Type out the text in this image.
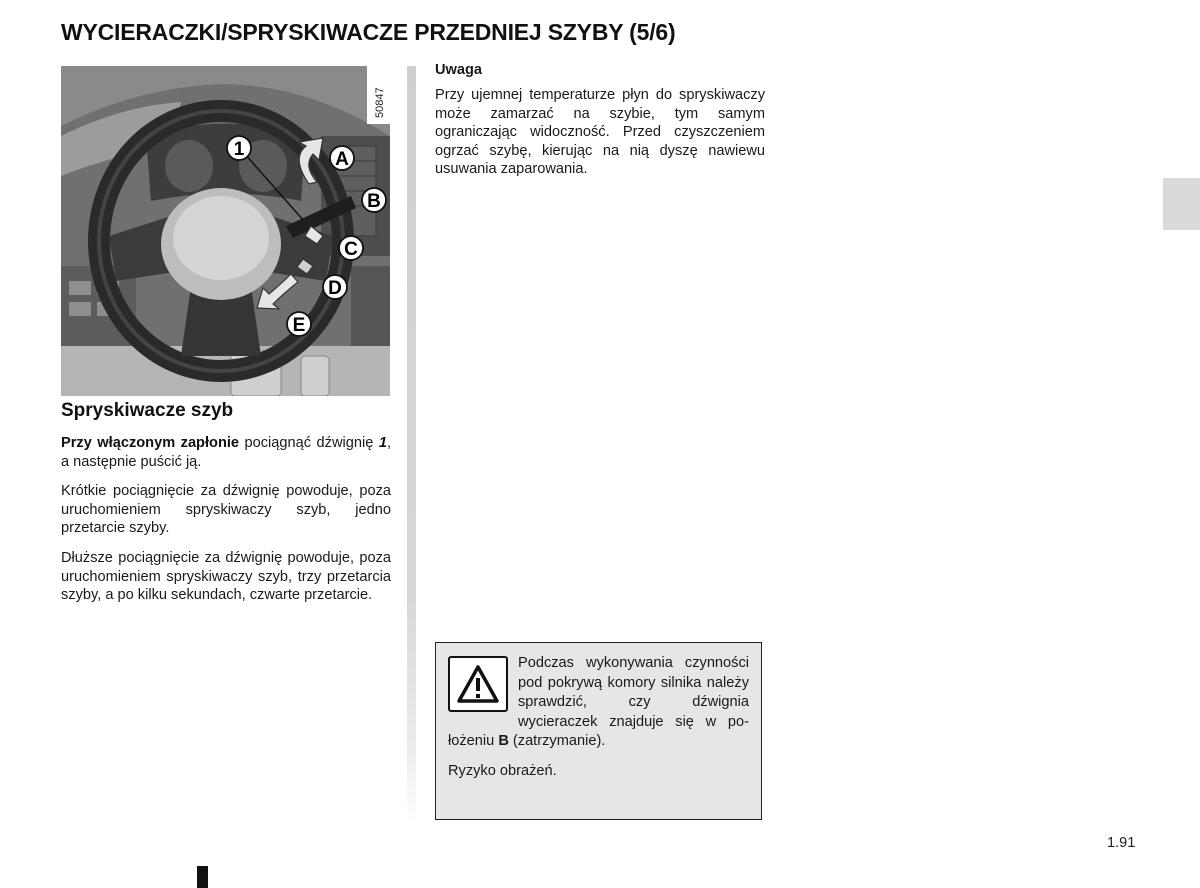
WYCIERACZKI/SPRYSKIWACZE PRZEDNIEJ SZYBY (5/6)
1	A
B
C
D
E
50847
Spryskiwacze szyb

Przy włączonym zapłonie pociągnąć dźwignię 1, a następnie puścić ją.

Krótkie pociągnięcie za dźwignię powoduje, poza uruchomieniem spryskiwaczy szyb, jedno przetarcie szyby.

Dłuższe pociągnięcie za dźwignię powoduje, poza uruchomieniem spryskiwaczy szyb, trzy przetarcia szyby, a po kilku sekundach, czwarte przetarcie.

Uwaga

Przy ujemnej temperaturze płyn do spryskiwaczy może zamarzać na szybie, tym samym ograniczając widoczność. Przed czyszczeniem ogrzać szybę, kierując na nią dyszę nawiewu usuwania zaparowania.

Podczas wykonywania czynności pod pokrywą komory silnika należy sprawdzić, czy dźwignia wycieraczek znajduje się w położeniu B (zatrzymanie).

Ryzyko obrażeń.

1.91
